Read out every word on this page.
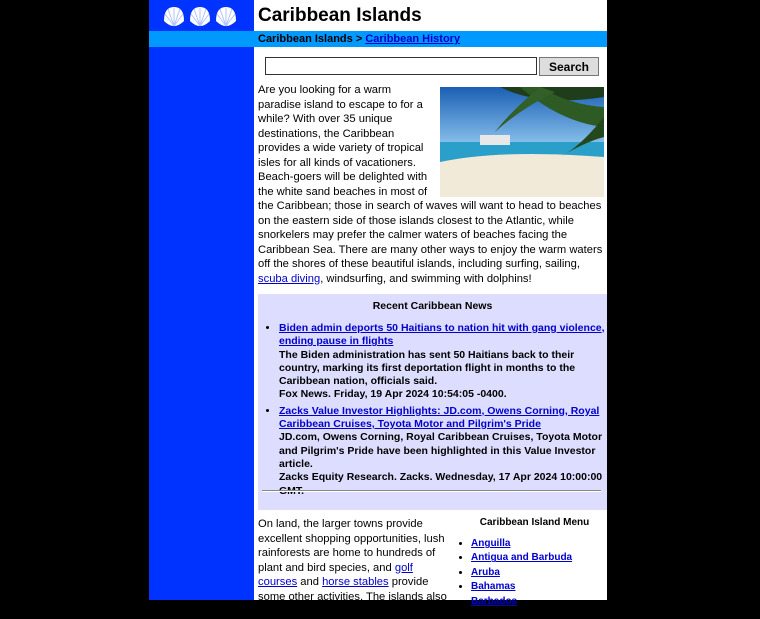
Caribbean Islands
Caribbean Islands > Caribbean History
Search
Are you looking for a warm paradise island to escape to for a while? With over 35 unique destinations, the Caribbean provides a wide variety of tropical isles for all kinds of vacationers. Beach-goers will be delighted with the white sand beaches in most of the Caribbean; those in search of waves will want to head to beaches on the eastern side of those islands closest to the Atlantic, while snorkelers may prefer the calmer waters of beaches facing the Caribbean Sea. There are many other ways to enjoy the warm waters off the shores of these beautiful islands, including surfing, sailing, scuba diving, windsurfing, and swimming with dolphins!
Recent Caribbean News
• Biden admin deports 50 Haitians to nation hit with gang violence, ending pause in flights
The Biden administration has sent 50 Haitians back to their country, marking its first deportation flight in months to the Caribbean nation, officials said.
Fox News. Friday, 19 Apr 2024 10:54:05 -0400.
• Zacks Value Investor Highlights: JD.com, Owens Corning, Royal Caribbean Cruises, Toyota Motor and Pilgrim's Pride
JD.com, Owens Corning, Royal Caribbean Cruises, Toyota Motor and Pilgrim's Pride have been highlighted in this Value Investor article.
Zacks Equity Research. Zacks. Wednesday, 17 Apr 2024 10:00:00 GMT.
On land, the larger towns provide excellent shopping opportunities, lush rainforests are home to hundreds of plant and bird species, and golf courses and horse stables provide some other activities. The islands also range in
Caribbean Island Menu
• Anguilla
• Antigua and Barbuda
• Aruba
• Bahamas
• Barbados
